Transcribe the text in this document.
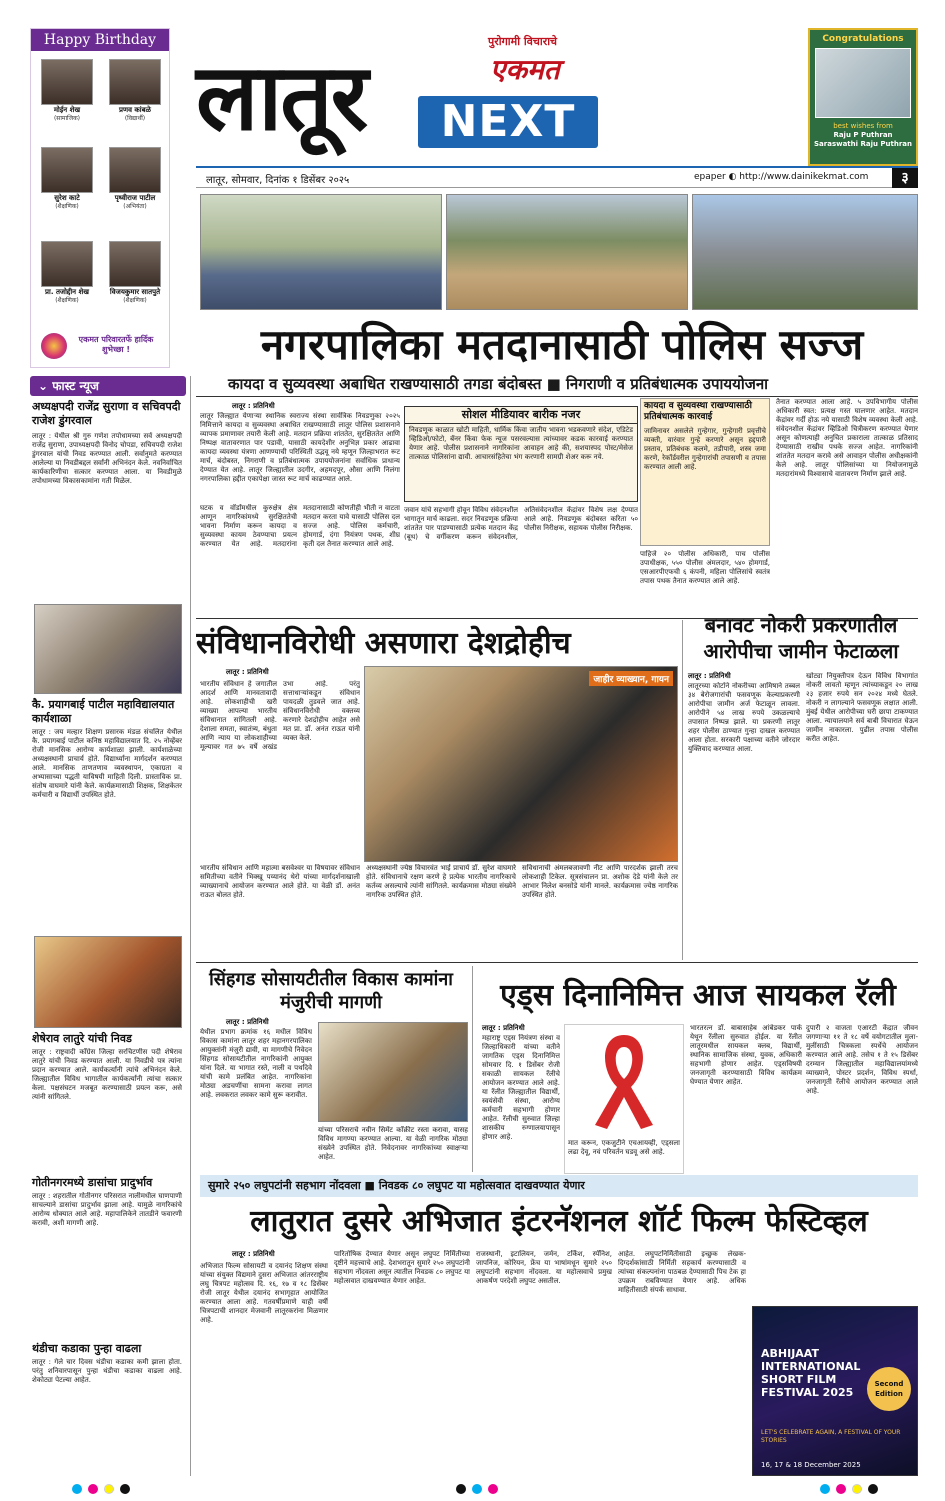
Happy Birthday
मोईन शेख
(सामाजिक)
प्रणव कांबळे
(विद्यार्थी)
सुरेश काटे
(शैक्षणिक)
पृथ्वीराज पाटील
(अभियंता)
प्रा. तजोद्दीन शेख
(शैक्षणिक)
विजयकुमार सातपुते
(शैक्षणिक)
एकमत परिवारतर्फे हार्दिक शुभेच्छा !
पुरोगामी विचाराचे
एकमत
लातूर	NEXT
Congratulations
best wishes from
Raju P Puthran
Saraswathi Raju Puthran
लातूर, सोमवार, दिनांक १ डिसेंबर २०२५	epaper ◐ http://www.dainikekmat.com	३
नगरपालिका मतदानासाठी पोलिस सज्ज
कायदा व सुव्यवस्था अबाधित राखण्यासाठी तगडा बंदोबस्त ■ निगराणी व प्रतिबंधात्मक उपाययोजना
लातूर : प्रतिनिधी
लातूर जिल्ह्यात येणाऱ्या स्थानिक स्वराज्य संस्था सार्वत्रिक निवडणुका २०२५ निमित्ताने कायदा व सुव्यवस्था अबाधित राखण्यासाठी लातूर पोलिस प्रशासनाने व्यापक प्रमाणावर तयारी केली आहे. मतदान प्रक्रिया शांततेत, सुरक्षिततेत आणि निष्पक्ष वातावरणात पार पडावी, यासाठी कायदेशीर अनुभिज्ञ प्रकार आढावा कायदा व्यवस्था यंत्रणा आणण्याची परिस्थिती उद्भवू नये म्हणून जिल्हाभरात रूट मार्च, बंदोबस्त, निगराणी व प्रतिबंधात्मक उपाययोजनांना सर्वाधिक प्राधान्य देण्यात येत आहे. लातूर जिल्ह्यातील उदगीर, अहमदपूर, औसा आणि निलंगा नगरपालिका हद्दीत एकापेक्षा जास्त रूट मार्च काढण्यात आले.
घटक व वॉर्डांमधील कुरुक्षेत्र क्षेत्र आणून नागरिकांमध्ये सुरक्षिततेची भावना निर्माण करून कायदा व सुव्यवस्था कायम ठेवण्याचा प्रयत्न करण्यात येत आहे. मतदारांना मतदानासाठी कोणतीही भीती न वाटता मतदान करता यावे यासाठी पोलिस दल सज्ज आहे. पोलिस कर्मचारी, होमगार्ड, दंगा नियंत्रण पथक, शीघ्र कृती दल तैनात करण्यात आले आहे.
सोशल मीडियावर बारीक नजर
निवडणूक काळात खोटी माहिती, धार्मिक किंवा जातीय भावना भडकवणारे संदेश, एडिटेड व्हिडिओ/फोटो, बॅनर किंवा फेक न्यूज पसरवल्यास त्यांच्यावर कडक कारवाई करण्यात येणार आहे. पोलीस प्रशासनाने नागरिकांना आवाहन आहे की, सशयास्पद पोस्ट/मेसेज तात्काळ पोलिसांना द्यावी. आचारसंहितेचा भंग करणारी सामग्री शेअर करू नये.
जवान यांचे सहभागी होवून विविध संवेदनशील भागातून मार्च काढला. सदर निवडणूक प्रक्रिया शांततेत पार पाडण्यासाठी प्रत्येक मतदान केंद्र (बूथ) चे वर्गीकरण करून संवेदनशील, अतिसंवेदनशील केंद्रांवर विशेष लक्ष देण्यात आले आहे. निवडणूक बंदोबस्त करिता ५० पोलीस निरीक्षक, सहायक पोलीस निरीक्षक.
कायदा व सुव्यवस्था राखण्यासाठी प्रतिबंधात्मक कारवाई
जामिनावर असलेले गुन्हेगार, गुन्हेगारी प्रवृत्तीचे व्यक्ती, वारंवार गुन्हे करणारे असून हद्दपारी प्रस्ताव, प्रतिबंधक कलमे, तडीपारी, शस्त्र जमा करणे, रेकॉर्डवरील गुन्हेगारांची तपासणी व तपास करण्यात आली आहे.
पाहिजे २० पोलीस अधिकारी, पाच पोलीस उपाधीक्षक, ५५० पोलीस अंमलदार, ५४० होमगार्ड, एसआरपीएफची ६ कंपनी, महिला पोलिसांचे स्वतंत्र तपास पथक तैनात करण्यात आले आहे.
तैनात करण्यात आला आहे. ५ उपविभागीय पोलीस अधिकारी स्वत: प्रत्यक्ष गस्त घालणार आहेत. मतदान केंद्रांवर गर्दी होऊ नये यासाठी विशेष व्यवस्था केली आहे. संवेदनशील केंद्रांवर व्हिडिओ चित्रीकरण करण्यात येणार असून कोणत्याही अनुचित प्रकाराला तात्काळ प्रतिसाद देण्यासाठी राखीव पथके सज्ज आहेत. नागरिकांनी शांततेत मतदान करावे असे आवाहन पोलीस अधीक्षकांनी केले आहे. लातूर पोलिसांच्या या नियोजनामुळे मतदारांमध्ये विश्वासाचे वातावरण निर्माण झाले आहे.
⌄ फास्ट न्यूज
अध्यक्षपदी राजेंद्र सुराणा व सचिवपदी राजेश डुंगरवाल
लातूर : येथील श्री गुरु गणेश तपोधामच्या सर्व अध्यक्षपदी राजेंद्र सुराणा, उपाध्यक्षपदी विनोद चोपडा, सचिवपदी राजेश डुंगरवाल यांची निवड करण्यात आली. सर्वानुमते करण्यात आलेल्या या निवडीबद्दल सर्वांनी अभिनंदन केले. नवनिर्वाचित कार्यकारिणीचा सत्कार करण्यात आला. या निवडीमुळे तपोधामच्या विकासकामांना गती मिळेल.
कै. प्रयागबाई पाटील महाविद्यालयात कार्यशाळा
लातूर : जय मल्हार शिक्षण प्रसारक मंडळ संचलित येथील कै. प्रयागबाई पाटील कनिष्ठ महाविद्यालयात दि. २५ नोव्हेंबर रोजी मानसिक आरोग्य कार्यशाळा झाली. कार्यशाळेच्या अध्यक्षस्थानी प्राचार्य होते. विद्यार्थ्यांना मार्गदर्शन करण्यात आले. मानसिक ताणतणाव व्यवस्थापन, एकाग्रता व अभ्यासाच्या पद्धती याविषयी माहिती दिली. प्रास्ताविक प्रा. संतोष वाघमारे यांनी केले. कार्यक्रमासाठी शिक्षक, शिक्षकेतर कर्मचारी व विद्यार्थी उपस्थित होते.
शेषेराव लातुरे यांची निवड
लातूर : राष्ट्रवादी काँग्रेस जिल्हा सरचिटणीस पदी शेषेराव लातुरे यांची निवड करण्यात आली. या निवडीचे पत्र त्यांना प्रदान करण्यात आले. कार्यकर्त्यांनी त्यांचे अभिनंदन केले. जिल्ह्यातील विविध भागातील कार्यकर्त्यांनी त्यांचा सत्कार केला. पक्षसंघटन मजबूत करण्यासाठी प्रयत्न करू, असे त्यांनी सांगितले.
गोतीनगरमध्ये डासांचा प्रादुर्भाव
लातूर : शहरातील गोतीनगर परिसरात नालीमधील घाणपाणी साचल्याने डासांचा प्रादुर्भाव झाला आहे. यामुळे नागरिकांचे आरोग्य धोक्यात आले आहे. महापालिकेने तातडीने फवारणी करावी, अशी मागणी आहे.
थंडीचा कडाका पुन्हा वाढला
लातूर : गेले चार दिवस थंडीचा कडाका कमी झाला होता. परंतु शनिवारपासून पुन्हा थंडीचा कडाका वाढला आहे. शेकोट्या पेटल्या आहेत.
संविधानविरोधी असणारा देशद्रोहीच
लातूर : प्रतिनिधी
भारतीय संविधान हे जगातील आदर्श आणि मानवतावादी आहे. लोकशाहीची खरी व्याख्या आपल्या भारतीय संविधानात सांगितली आहे. देशाला समता, स्वातंत्र्य, बंधुता आणि न्याय या लोकशाहीच्या मूल्यावर गत ७५ वर्षे अखंड उभा आहे. परंतु सत्ताधाऱ्यांकडून संविधान पायदळी तुडवले जात आहे. संविधानविरोधी वक्तव्य करणारे देशद्रोहीच आहेत असे मत प्रा. डॉ. अनंत राऊत यांनी व्यक्त केले.
जाहीर व्याख्यान, गायन
भारतीय संविधान आणि महात्मा बसवेश्वर या विषयावर संविधान समितीच्या वतीने भिक्खू पय्यानंद थेरो यांच्या मार्गदर्शनाखाली व्याख्यानाचे आयोजन करण्यात आले होते. या वेळी डॉ. अनंत राऊत बोलत होते.
अध्यक्षस्थानी ज्येष्ठ विचारवंत भाई प्राचार्य डॉ. सुरेश वाघमारे होते. संविधानाचे रक्षण करणे हे प्रत्येक भारतीय नागरिकाचे कर्तव्य असल्याचे त्यांनी सांगितले. कार्यक्रमास मोठ्या संख्येने नागरिक उपस्थित होते.
सविधानाची अंमलबजावणी नीट आणि पारदर्शक झाली तरच लोकशाही टिकेल. सूत्रसंचालन प्रा. अशोक देडे यांनी केले तर आभार निलेश बनसोडे यांनी मानले. कार्यक्रमास ज्येष्ठ नागरिक उपस्थित होते.
बनावट नोकरी प्रकरणातील आरोपीचा जामीन फेटाळला
लातूर : प्रतिनिधी
लातूरच्या कोर्टाने नोकरीच्या आमिषाने तब्बल ३४ बेरोजगारांची फसवणूक केल्याप्रकरणी आरोपीचा जामीन अर्ज फेटाळून लावला. आरोपीने ५४ लाख रुपये उकळल्याचे तपासात निष्पन्न झाले. या प्रकरणी लातूर शहर पोलीस ठाण्यात गुन्हा दाखल करण्यात आला होता. सरकारी पक्षाच्या वतीने जोरदार युक्तिवाद करण्यात आला.
खोट्या नियुक्तीपत्र देऊन विविध विभागांत नोकरी लावतो म्हणून त्यांच्याकडून २० लाख २३ हजार रुपये सन २०२४ मध्ये घेतले. नोकरी न लागल्याने फसवणूक लक्षात आली. मुंबई येथील आरोपीच्या घरी छापा टाकण्यात आला. न्यायालयाने सर्व बाबी विचारात घेऊन जामीन नाकारला. पुढील तपास पोलीस करीत आहेत.
सिंहगड सोसायटीतील विकास कामांना मंजुरीची मागणी
लातूर : प्रतिनिधी
येथील प्रभाग क्रमांक १६ मधील विविध विकास कामांना लातूर शहर महानगरपालिका आयुक्तांनी मंजुरी द्यावी, या मागणीचे निवेदन सिंहगड सोसायटीतील नागरिकांनी आयुक्त यांना दिले. या भागात रस्ते, नाली व पथदिवे यांची कामे प्रलंबित आहेत. नागरिकांना मोठ्या अडचणींचा सामना करावा लागत आहे. लवकरात लवकर कामे सुरू करावीत.
यांच्या परिसराचे नवीन सिमेंट काँक्रीट रस्ता करावा, यासह विविध मागण्या करण्यात आल्या. या वेळी नागरिक मोठ्या संख्येने उपस्थित होते. निवेदनावर नागरिकांच्या स्वाक्षऱ्या आहेत.
एड्स दिनानिमित्त आज सायकल रॅली
लातूर : प्रतिनिधी
महाराष्ट्र एड्स नियंत्रण संस्था व जिल्हाधिकारी यांच्या वतीने जागतिक एड्स दिनानिमित्त सोमवार दि. १ डिसेंबर रोजी सकाळी सायकल रॅलीचे आयोजन करण्यात आले आहे. या रॅलीत जिल्ह्यातील विद्यार्थी, स्वयंसेवी संस्था, आरोग्य कर्मचारी सहभागी होणार आहेत. रॅलीची सुरुवात जिल्हा शासकीय रुग्णालयापासून होणार आहे.
मात करून, एकजुटीने एचआयव्ही, एड्सला लढा देवू, नवं परिवर्तन घडवू असे आहे.
भारतरत्न डॉ. बाबासाहेब आंबेडकर पार्क येथून रॅलीला सुरुवात होईल. या रॅलीत लातूरमधील सायकल क्लब, विद्यार्थी, स्थानिक सामाजिक संस्था, युवक, अधिकारी सहभागी होणार आहेत. एड्सविषयी जनजागृती करण्यासाठी विविध कार्यक्रम घेण्यात येणार आहेत.
दुपारी २ वाजता एआरटी केंद्रात जीवन जगणाऱ्या ११ ते १८ वर्षे वयोगटातील मुला-मुलींसाठी चित्रकला स्पर्धेचे आयोजन करण्यात आले आहे. तसेच १ ते १५ डिसेंबर दरम्यान जिल्ह्यातील महाविद्यालयांमध्ये व्याख्याने, पोस्टर प्रदर्शन, विविध स्पर्धा, जनजागृती रॅलीचे आयोजन करण्यात आले आहे.
सुमारे २५० लघुपटांनी सहभाग नोंदवला ■ निवडक ८० लघुपट या महोत्सवात दाखवण्यात येणार
लातुरात दुसरे अभिजात इंटरनॅशनल शॉर्ट फिल्म फेस्टिव्हल
लातूर : प्रतिनिधी
अभिजात फिल्म सोसायटी व दयानंद शिक्षण संस्था यांच्या संयुक्त विद्यमाने दुसरा अभिजात आंतरराष्ट्रीय लघु चित्रपट महोत्सव दि. १६, १७ व १८ डिसेंबर रोजी लातूर येथील दयानंद सभागृहात आयोजित करण्यात आला आहे. गतवर्षीप्रमाणे याही वर्षी चित्रपटाची शानदार मेजवानी लातूरकरांना मिळणार आहे.
पारितोषिक देण्यात येणार असून लघुपट निर्मितीच्या दृष्टीने महत्त्वाचे आहे. देशभरातून सुमारे २५० लघुपटांनी सहभाग नोंदवला असून त्यातील निवडक ८० लघुपट या महोत्सवात दाखवण्यात येणार आहेत.
राजस्थानी, इटालियन, जर्मन, टर्किश, स्पॅनिश, जापनिज, कोरियन, फ्रेंच या भाषांमधून सुमारे २५० लघुपटांनी सहभाग नोंदवला. या महोत्सवाचे प्रमुख आकर्षण परदेशी लघुपट असतील.
आहेत. लघुपटनिर्मितीसाठी इच्छुक लेखक-दिग्दर्शकांसाठी निर्मिती सहकार्य करण्यासाठी व त्यांच्या संकल्पनांना पाठबळ देण्यासाठी पिच टेक हा उपक्रम राबविण्यात येणार आहे. अधिक माहितीसाठी संपर्क साधावा.
ABHIJAAT INTERNATIONAL SHORT FILM FESTIVAL 2025
Second Edition
LET'S CELEBRATE AGAIN, A FESTIVAL OF YOUR STORIES
16, 17 & 18 December 2025
